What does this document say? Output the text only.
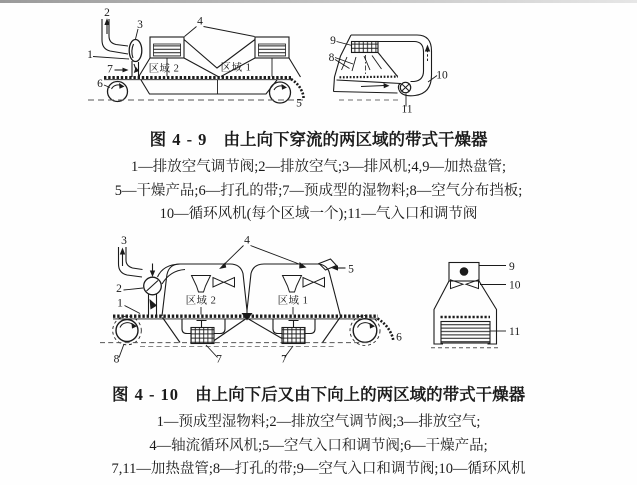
2
3
1
7
6
4
5
区域 2	区域 1
9
8
10
11
3
2
1
8
4
5
6
7	7
区域 2	区域 1
9
10
11
图 4 - 9 由上向下穿流的两区域的带式干燥器
1—排放空气调节阀;2—排放空气;3—排风机;4,9—加热盘管;
5—干燥产品;6—打孔的带;7—预成型的湿物料;8—空气分布挡板;
10—循环风机(每个区域一个);11—气入口和调节阀
图 4 - 10 由上向下后又由下向上的两区域的带式干燥器
1—预成型湿物料;2—排放空气调节阀;3—排放空气;
4—轴流循环风机;5—空气入口和调节阀;6—干燥产品;
7,11—加热盘管;8—打孔的带;9—空气入口和调节阀;10—循环风机
